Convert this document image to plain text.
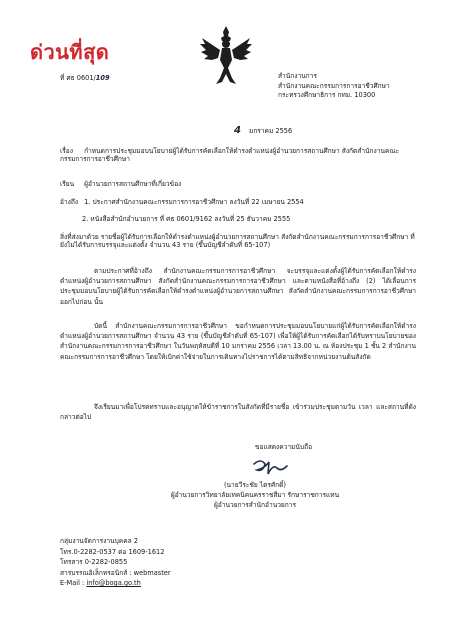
ด่วนที่สุด
ที่ ศธ 0601/109	สำนักงานการ
สำนักงานคณะกรรมการการอาชีวศึกษา
กระทรวงศึกษาธิการ กทม. 10300
4 มกราคม 2556
เรื่อง กำหนดการประชุมมอบนโยบายผู้ได้รับการคัดเลือกให้ดำรงตำแหน่งผู้อำนวยการสถานศึกษา สังกัดสำนักงานคณะกรรมการการอาชีวศึกษา
เรียน ผู้อำนวยการสถานศึกษาที่เกี่ยวข้อง
อ้างถึง 1. ประกาศสำนักงานคณะกรรมการการอาชีวศึกษา ลงวันที่ 22 เมษายน 2554
2. หนังสือสำนักอำนวยการ ที่ ศธ 0601/9162 ลงวันที่ 25 ธันวาคม 2555
สิ่งที่ส่งมาด้วย รายชื่อผู้ได้รับการเลือกให้ดำรงตำแหน่งผู้อำนวยการสถานศึกษา สังกัดสำนักงานคณะกรรมการการอาชีวศึกษา ที่ยังไม่ได้รับการบรรจุและแต่งตั้ง จำนวน 43 ราย (ขึ้นบัญชีลำดับที่ 65-107)
ตามประกาศที่อ้างถึง สำนักงานคณะกรรมการการอาชีวศึกษา จะบรรจุและแต่งตั้งผู้ได้รับการคัดเลือกให้ดำรงตำแหน่งผู้อำนวยการสถานศึกษา สังกัดสำนักงานคณะกรรมการการอาชีวศึกษา และตามหนังสือที่อ้างถึง (2) ได้เลื่อนการประชุมมอบนโยบายผู้ได้รับการคัดเลือกให้ดำรงตำแหน่งผู้อำนวยการสถานศึกษา สังกัดสำนักงานคณะกรรมการการอาชีวศึกษา ออกไปก่อน นั้น
บัดนี้ สำนักงานคณะกรรมการการอาชีวศึกษา ขอกำหนดการประชุมมอบนโยบายแก่ผู้ได้รับการคัดเลือกให้ดำรงตำแหน่งผู้อำนวยการสถานศึกษา จำนวน 43 ราย (ขึ้นบัญชีลำดับที่ 65-107) เพื่อให้ผู้ได้รับการคัดเลือกได้รับทราบนโยบายของสำนักงานคณะกรรมการการอาชีวศึกษา ในวันพฤหัสบดีที่ 10 มกราคม 2556 เวลา 13.00 น. ณ ห้องประชุม 1 ชั้น 2 สำนักงานคณะกรรมการการอาชีวศึกษา โดยให้เบิกค่าใช้จ่ายในการเดินทางไปราชการได้ตามสิทธิจากหน่วยงานต้นสังกัด
จึงเรียนมาเพื่อโปรดทราบและอนุญาตให้ข้าราชการในสังกัดที่มีรายชื่อ เข้าร่วมประชุมตามวัน เวลา และสถานที่ดังกล่าวต่อไป
ขอแสดงความนับถือ
(นายวีระชัย ไตรศักดิ์)
ผู้อำนวยการวิทยาลัยเทคนิคนครราชสีมา รักษาราชการแทน
ผู้อำนวยการสำนักอำนวยการ
กลุ่มงานจัดการงานบุคคล 2
โทร.0-2282-0537 ต่อ 1609-1612
โทรสาร 0-2282-0855
สารบรรณอิเล็กทรอนิกส์ : webmaster
E-Mail : info@boga.go.th
